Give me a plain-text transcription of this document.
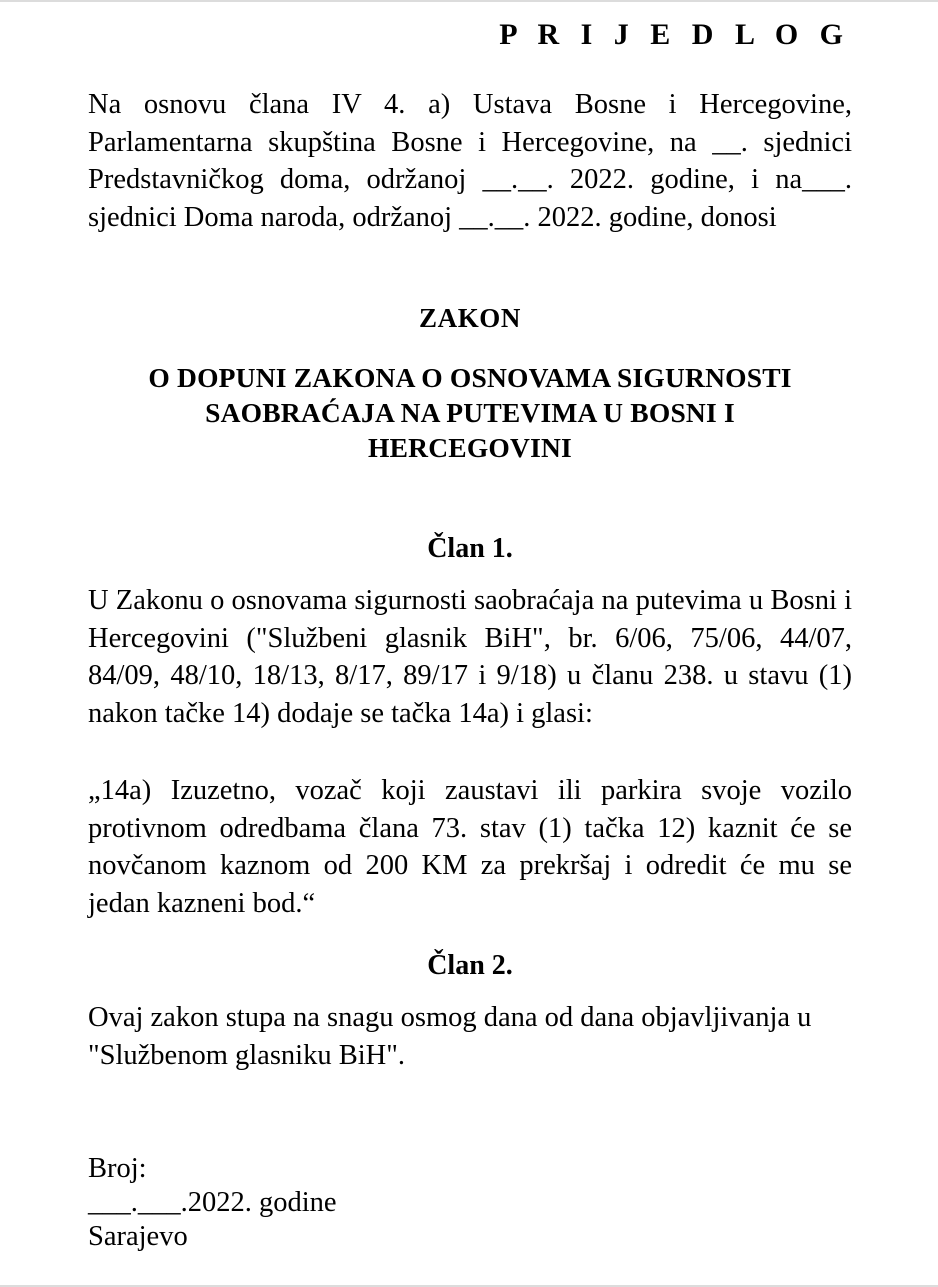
P R I J E D L O G

Na osnovu člana IV 4. a) Ustava Bosne i Hercegovine, Parlamentarna skupština Bosne i Hercegovine, na __. sjednici Predstavničkog doma, održanoj __.__. 2022. godine, i na___. sjednici Doma naroda, održanoj __.__. 2022. godine, donosi

ZAKON
O DOPUNI ZAKONA O OSNOVAMA SIGURNOSTI
SAOBRAĆAJA NA PUTEVIMA U BOSNI I
HERCEGOVINI
Član 1.

U Zakonu o osnovama sigurnosti saobraćaja na putevima u Bosni i Hercegovini ("Službeni glasnik BiH", br. 6/06, 75/06, 44/07, 84/09, 48/10, 18/13, 8/17, 89/17 i 9/18) u članu 238. u stavu (1) nakon tačke 14) dodaje se tačka 14a) i glasi:

„14a) Izuzetno, vozač koji zaustavi ili parkira svoje vozilo protivnom odredbama člana 73. stav (1) tačka 12) kaznit će se novčanom kaznom od 200 KM za prekršaj i odredit će mu se jedan kazneni bod.“

Član 2.

Ovaj zakon stupa na snagu osmog dana od dana objavljivanja u "Službenom glasniku BiH".

Broj:

___.___.2022. godine

Sarajevo
